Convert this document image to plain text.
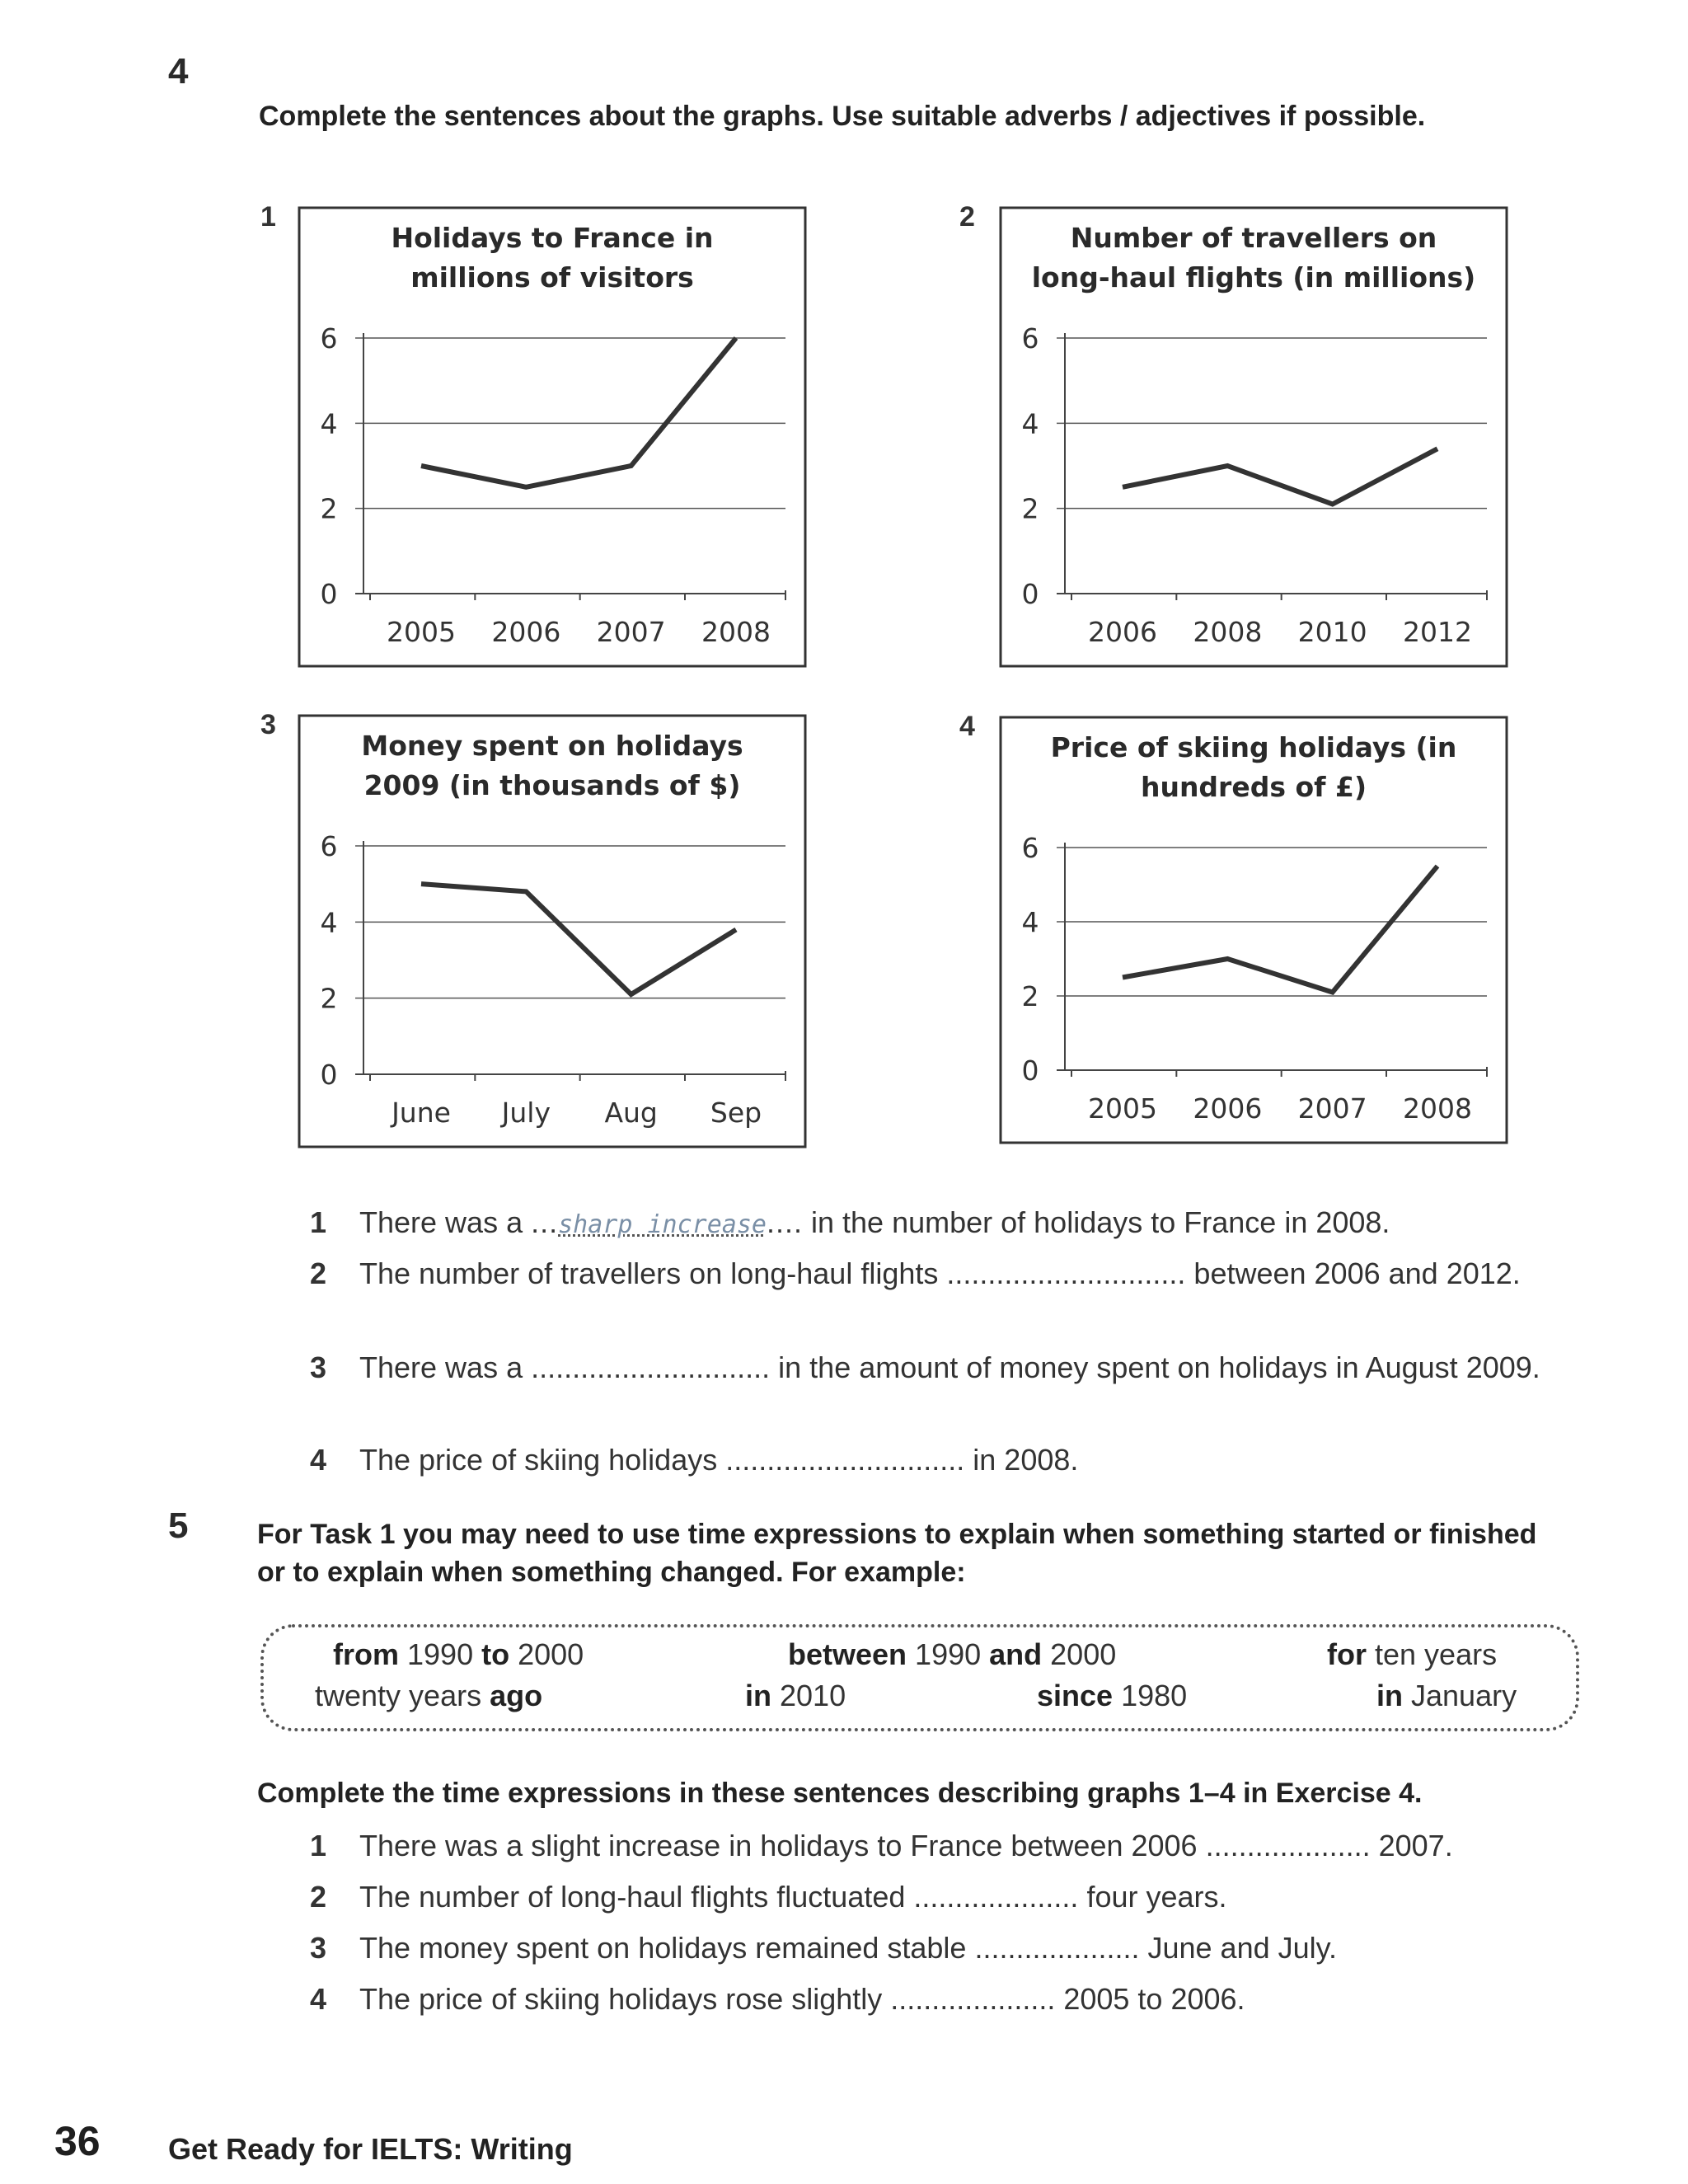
4
Complete the sentences about the graphs. Use suitable adverbs / adjectives if possible.
1	2
3	4
Holidays to France in
millions of visitors
0
2
4
6
2005 2006 2007 2008
Number of travellers on
long-haul flights (in millions)
0
2
4
6
2006 2008 2010 2012
Money spent on holidays
2009 (in thousands of $)
0
2
4
6
June July Aug Sep
Price of skiing holidays (in
hundreds of £)
0
2
4
6
2005 2006 2007 2008
1 There was a ...sharp increase.... in the number of holidays to France in 2008.
2 The number of travellers on long-haul flights ............................. between 2006 and 2012.
3 There was a ............................. in the amount of money spent on holidays in August 2009.
4 The price of skiing holidays ............................. in 2008.
5 For Task 1 you may need to use time expressions to explain when something started or finished or to explain when something changed. For example:
from 1990 to 2000	between 1990 and 2000	for ten years
twenty years ago	in 2010	since 1980	in January
Complete the time expressions in these sentences describing graphs 1–4 in Exercise 4.
1 There was a slight increase in holidays to France between 2006 .................... 2007.
2 The number of long-haul flights fluctuated .................... four years.
3 The money spent on holidays remained stable .................... June and July.
4 The price of skiing holidays rose slightly .................... 2005 to 2006.
36 Get Ready for IELTS: Writing
